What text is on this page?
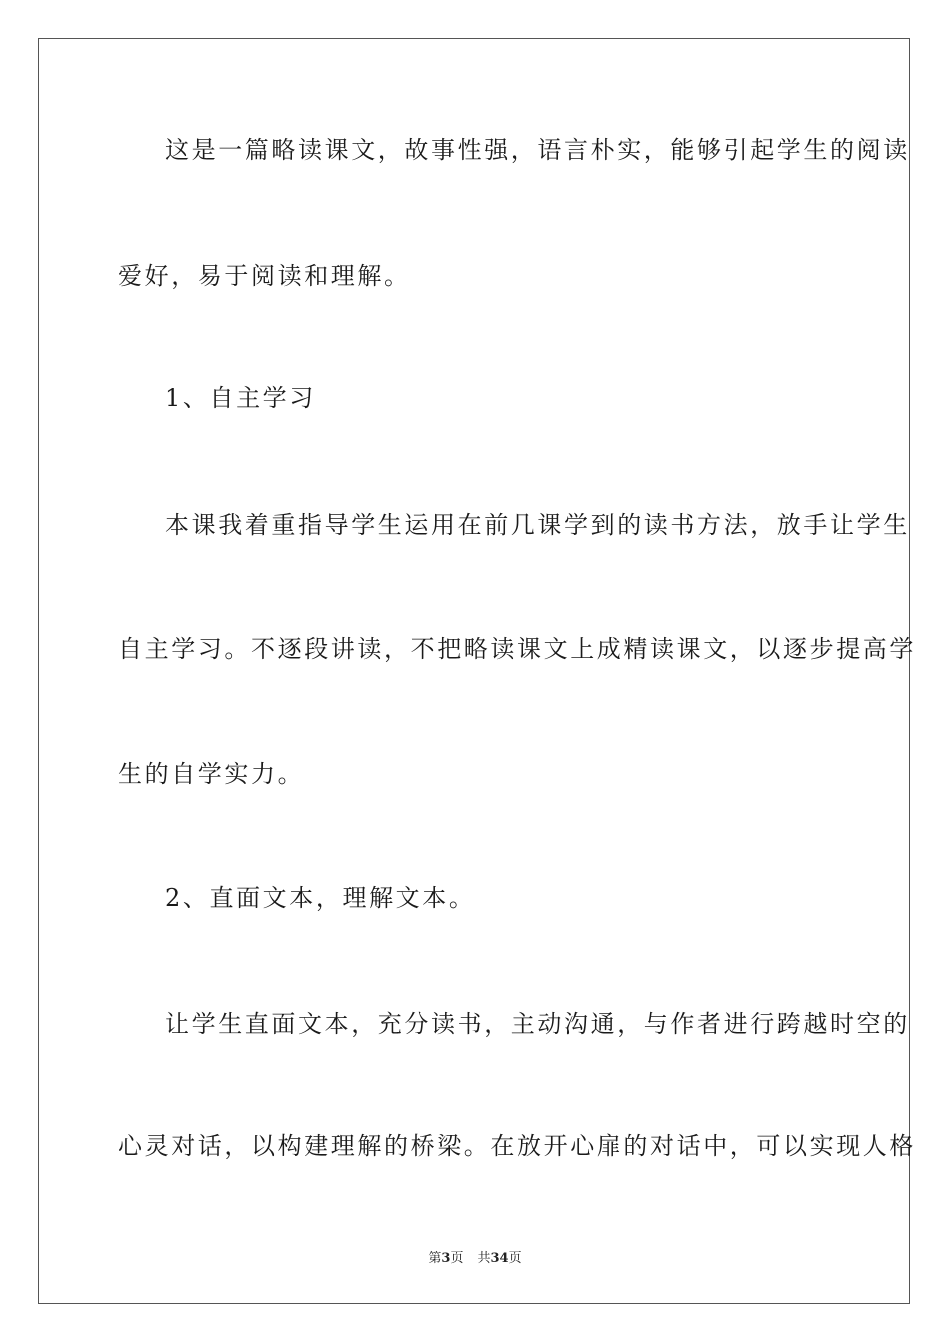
这是一篇略读课文，故事性强，语言朴实，能够引起学生的阅读
爱好，易于阅读和理解。
1、自主学习
本课我着重指导学生运用在前几课学到的读书方法，放手让学生
自主学习。不逐段讲读，不把略读课文上成精读课文，以逐步提高学
生的自学实力。
2、直面文本，理解文本。
让学生直面文本，充分读书，主动沟通，与作者进行跨越时空的
心灵对话，以构建理解的桥梁。在放开心扉的对话中，可以实现人格
第3页 共34页
